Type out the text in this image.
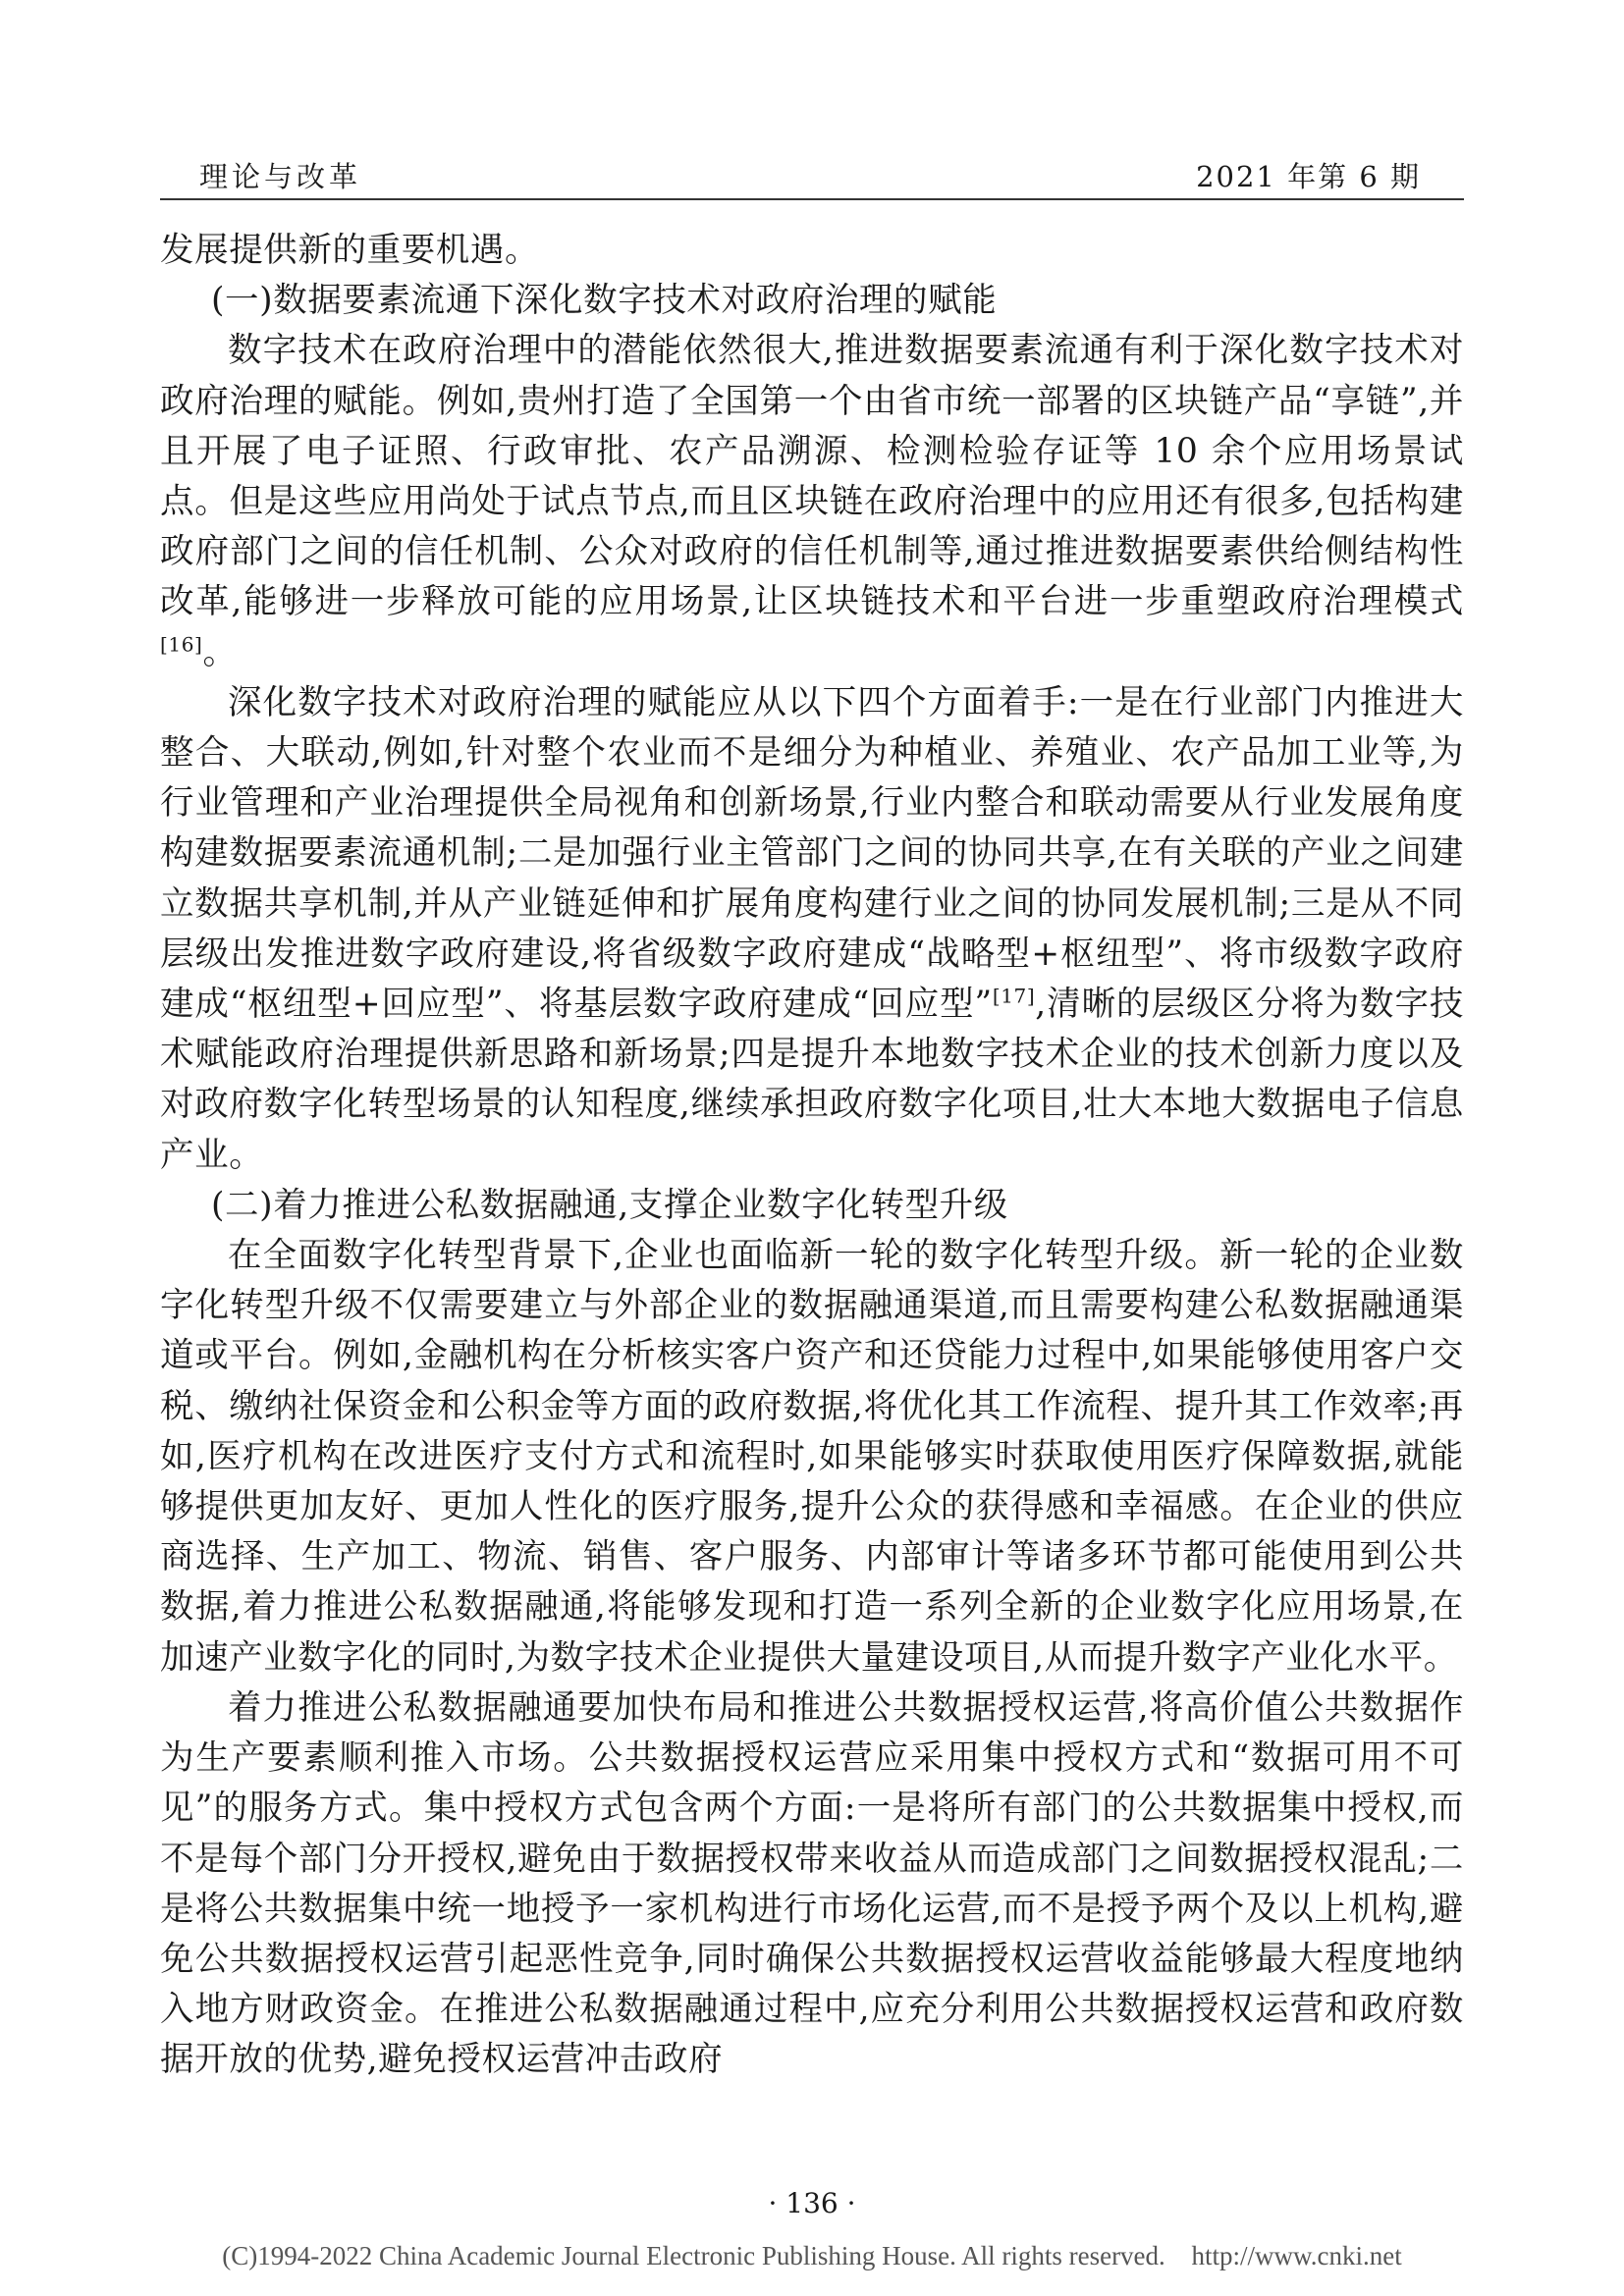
理论与改革	2021 年第 6 期

发展提供新的重要机遇。

(一)数据要素流通下深化数字技术对政府治理的赋能

数字技术在政府治理中的潜能依然很大,推进数据要素流通有利于深化数字技术对政府治理的赋能。例如,贵州打造了全国第一个由省市统一部署的区块链产品“享链”,并且开展了电子证照、行政审批、农产品溯源、检测检验存证等 10 余个应用场景试点。但是这些应用尚处于试点节点,而且区块链在政府治理中的应用还有很多,包括构建政府部门之间的信任机制、公众对政府的信任机制等,通过推进数据要素供给侧结构性改革,能够进一步释放可能的应用场景,让区块链技术和平台进一步重塑政府治理模式[16]。

深化数字技术对政府治理的赋能应从以下四个方面着手:一是在行业部门内推进大整合、大联动,例如,针对整个农业而不是细分为种植业、养殖业、农产品加工业等,为行业管理和产业治理提供全局视角和创新场景,行业内整合和联动需要从行业发展角度构建数据要素流通机制;二是加强行业主管部门之间的协同共享,在有关联的产业之间建立数据共享机制,并从产业链延伸和扩展角度构建行业之间的协同发展机制;三是从不同层级出发推进数字政府建设,将省级数字政府建成“战略型+枢纽型”、将市级数字政府建成“枢纽型+回应型”、将基层数字政府建成“回应型”[17],清晰的层级区分将为数字技术赋能政府治理提供新思路和新场景;四是提升本地数字技术企业的技术创新力度以及对政府数字化转型场景的认知程度,继续承担政府数字化项目,壮大本地大数据电子信息产业。

(二)着力推进公私数据融通,支撑企业数字化转型升级

在全面数字化转型背景下,企业也面临新一轮的数字化转型升级。新一轮的企业数字化转型升级不仅需要建立与外部企业的数据融通渠道,而且需要构建公私数据融通渠道或平台。例如,金融机构在分析核实客户资产和还贷能力过程中,如果能够使用客户交税、缴纳社保资金和公积金等方面的政府数据,将优化其工作流程、提升其工作效率;再如,医疗机构在改进医疗支付方式和流程时,如果能够实时获取使用医疗保障数据,就能够提供更加友好、更加人性化的医疗服务,提升公众的获得感和幸福感。在企业的供应商选择、生产加工、物流、销售、客户服务、内部审计等诸多环节都可能使用到公共数据,着力推进公私数据融通,将能够发现和打造一系列全新的企业数字化应用场景,在加速产业数字化的同时,为数字技术企业提供大量建设项目,从而提升数字产业化水平。

着力推进公私数据融通要加快布局和推进公共数据授权运营,将高价值公共数据作为生产要素顺利推入市场。公共数据授权运营应采用集中授权方式和“数据可用不可见”的服务方式。集中授权方式包含两个方面:一是将所有部门的公共数据集中授权,而不是每个部门分开授权,避免由于数据授权带来收益从而造成部门之间数据授权混乱;二是将公共数据集中统一地授予一家机构进行市场化运营,而不是授予两个及以上机构,避免公共数据授权运营引起恶性竞争,同时确保公共数据授权运营收益能够最大程度地纳入地方财政资金。在推进公私数据融通过程中,应充分利用公共数据授权运营和政府数据开放的优势,避免授权运营冲击政府

· 136 ·
(C)1994-2022 China Academic Journal Electronic Publishing House. All rights reserved. http://www.cnki.net
